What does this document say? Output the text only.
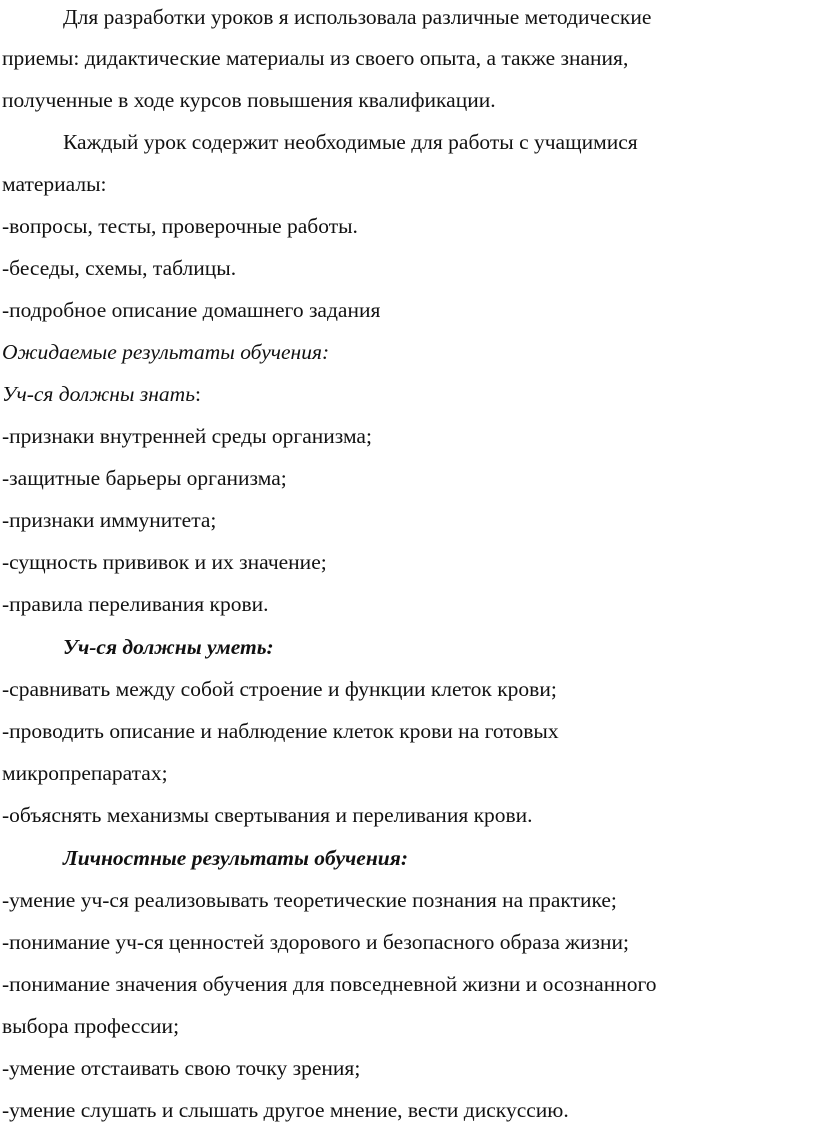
Для разработки уроков я использовала различные методические
приемы: дидактические материалы из своего опыта, а также знания,
полученные в ходе курсов повышения квалификации.
Каждый урок содержит необходимые для работы с учащимися
материалы:
-вопросы, тесты, проверочные работы.
-беседы, схемы, таблицы.
-подробное описание домашнего задания
Ожидаемые результаты обучения:
Уч-ся должны знать:
-признаки внутренней среды организма;
-защитные барьеры организма;
-признаки иммунитета;
-сущность прививок и их значение;
-правила переливания крови.
Уч-ся должны уметь:
-сравнивать между собой строение и функции клеток крови;
-проводить описание и наблюдение клеток крови на готовых
микропрепаратах;
-объяснять механизмы свертывания и переливания крови.
Личностные результаты обучения:
-умение уч-ся реализовывать теоретические познания на практике;
-понимание уч-ся ценностей здорового и безопасного образа жизни;
-понимание значения обучения для повседневной жизни и осознанного
выбора профессии;
-умение отстаивать свою точку зрения;
-умение слушать и слышать другое мнение, вести дискуссию.
